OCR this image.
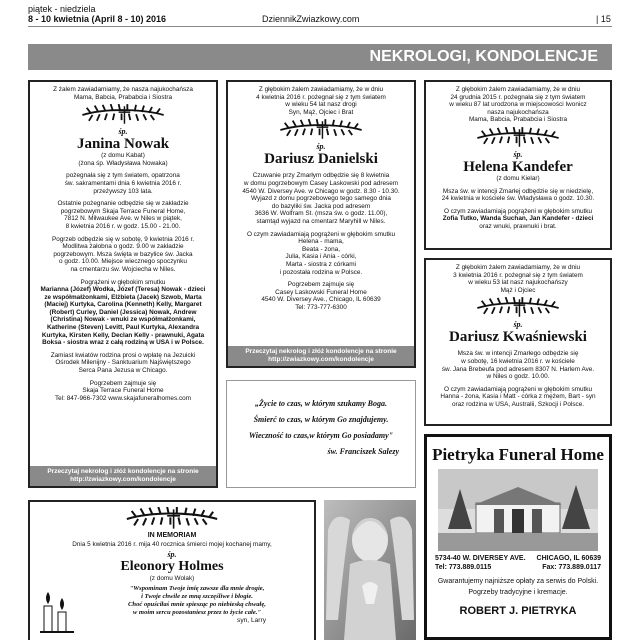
piątek - niedziela
8 - 10 kwietnia (April 8 - 10) 2016	DziennikZwiazkowy.com	| 15
NEKROLOGI, KONDOLENCJE

Z żalem zawiadamiamy, że nasza najukochańsza

Mama, Babcia, Prababcia i Siostra

śp.
Janina Nowak

(z domu Kabat)

(żona śp. Władysława Nowaka)

pożegnała się z tym światem, opatrzona

św. sakramentami dnia 6 kwietnia 2016 r.

przeżywszy 103 lata.

Ostatnie pożegnanie odbędzie się w zakładzie

pogrzebowym Skaja Terrace Funeral Home,

7812 N. Milwaukee Ave. w Niles w piątek,

8 kwietnia 2016 r. w godz. 15.00 - 21.00.

Pogrzeb odbędzie się w sobotę, 9 kwietnia 2016 r.

Modlitwa żałobna o godz. 9.00 w zakładzie

pogrzebowym. Msza święta w bazylice św. Jacka

o godz. 10.00. Miejsce wiecznego spoczynku

na cmentarzu św. Wojciecha w Niles.

Pogrążeni w głębokim smutku

Marianna (Józef) Wodka, Józef (Teresa) Nowak - dzieci

ze współmałżonkami, Elżbieta (Jacek) Szwob, Marta

(Maciej) Kurtyka, Carolina (Kenneth) Kelly, Margaret

(Robert) Curley, Daniel (Jessica) Nowak, Andrew

(Christina) Nowak - wnuki ze współmałżonkami,

Katherine (Steven) Levitt, Paul Kurtyka, Alexandra

Kurtyka, Kirsten Kelly, Declan Kelly - prawnuki, Agata

Boksa - siostra wraz z całą rodziną w USA i w Polsce.

Zamiast kwiatów rodzina prosi o wpłatę na Jezuicki

Ośrodek Milenijny - Sanktuarium Najświętszego

Serca Pana Jezusa w Chicago.

Pogrzebem zajmuje się

Skaja Terrace Funeral Home

Tel: 847-966-7302 www.skajafuneralhomes.com

Przeczytaj nekrolog i złóż kondolencje na stronie
http://zwiazkowy.com/kondolencje

Z głębokim żalem zawiadamiamy, że w dniu

4 kwietnia 2016 r. pożegnał się z tym światem

w wieku 54 lat nasz drogi

Syn, Mąż, Ojciec i Brat

śp.
Dariusz Danielski

Czuwanie przy Zmarłym odbędzie się 8 kwietnia

w domu pogrzebowym Casey Laskowski pod adresem

4540 W. Diversey Ave. w Chicago w godz. 8.30 - 10.30.

Wyjazd z domu pogrzebowego tego samego dnia

do bazyliki św. Jacka pod adresem

3636 W. Wolfram St. (msza św. o godz. 11.00),

stamtąd wyjazd na cmentarz Maryhill w Niles.

O czym zawiadamiają pogrążeni w głębokim smutku

Helena - mama,

Beata - żona,

Julia, Kasia i Ania - córki,

Marta - siostra z córkami

i pozostała rodzina w Polsce.

Pogrzebem zajmuje się

Casey Laskowski Funeral Home

4540 W. Diversey Ave., Chicago, IL 60639

Tel: 773-777-6300

Przeczytaj nekrolog i złóż kondolencje na stronie
http://zwiazkowy.com/kondolencje

Z głębokim żalem zawiadamiamy, że w dniu

24 grudnia 2015 r. pożegnała się z tym światem

w wieku 87 lat urodzona w miejscowości Iwonicz

nasza najukochańsza

Mama, Babcia, Prababcia i Siostra

śp.
Helena Kandefer

(z domu Kielar)

Msza św. w intencji Zmarłej odbędzie się w niedzielę,

24 kwietnia w kościele św. Władysława o godz. 10.30.

O czym zawiadamiają pogrążeni w głębokim smutku

Zofia Tutko, Wanda Suchan, Jan Kandefer - dzieci

oraz wnuki, prawnuki i brat.

Z głębokim żalem zawiadamiamy, że w dniu

3 kwietnia 2016 r. pożegnał się z tym światem

w wieku 53 lat nasz najukochańszy

Mąż i Ojciec

śp.
Dariusz Kwaśniewski

Msza św. w intencji Zmarłego odbędzie się

w sobotę, 16 kwietnia 2016 r. w kościele

św. Jana Brebeufa pod adresem 8307 N. Harlem Ave.

w Niles o godz. 10.00.

O czym zawiadamiają pogrążeni w głębokim smutku

Hanna - żona, Kasia i Matt - córka z mężem, Bart - syn

oraz rodzina w USA, Australii, Szkocji i Polsce.

„Życie to czas, w którym szukamy Boga.
Śmierć to czas, w którym Go znajdujemy.
Wieczność to czas,w którym Go posiadamy"
św. Franciszek Salezy	Pietryka Funeral Home
5734-40 W. DIVERSEY AVE. CHICAGO, IL 60639
Tel: 773.889.0115	Fax: 773.889.0117

Gwarantujemy najniższe opłaty za serwis do Polski.

Pogrzeby tradycyjne i kremacje.

ROBERT J. PIETRYKA
IN MEMORIAM

Dnia 5 kwietnia 2016 r. mija 40 rocznica śmierci mojej kochanej mamy,

śp.
Eleonory Holmes

(z domu Wolak)

"Wspominam Twoje imię zawsze dla mnie drogie,
i Twoje chwile ze mną szczęśliwe i błogie.
Choć opuściłaś mnie spiesząc po niebieską chwałę,
w moim sercu pozostaniesz przez to życie całe."
syn, Larry
